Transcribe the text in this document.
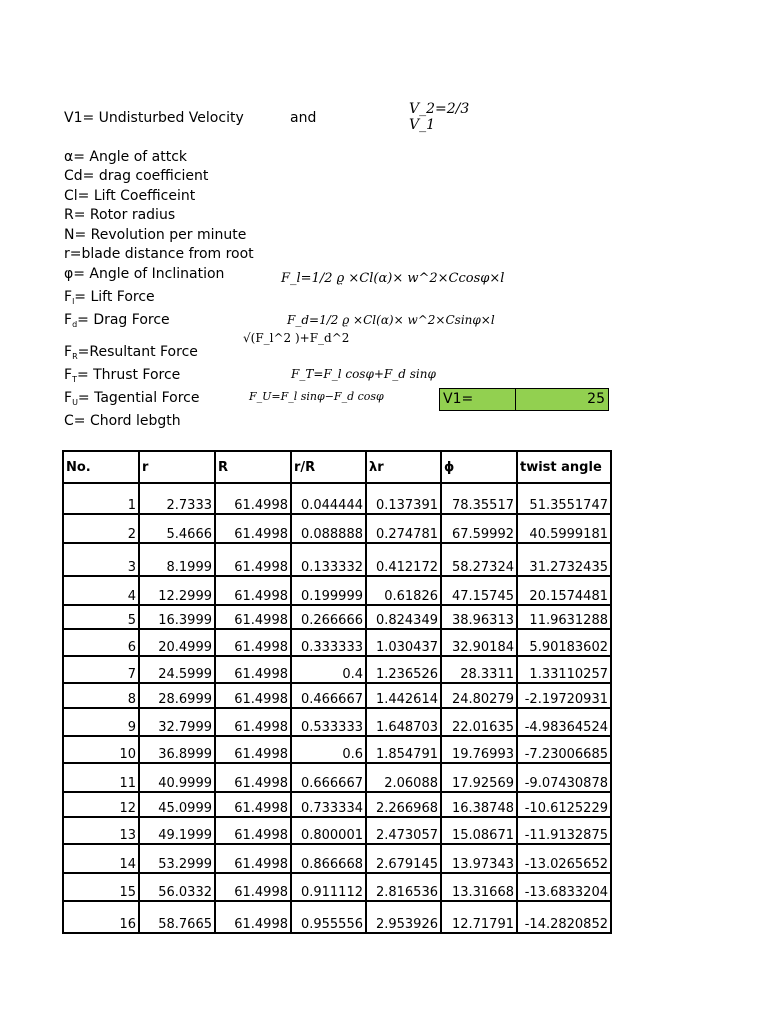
V1= Undisturbed Velocity	and
V_2=2/3
V_1
α= Angle of attck
Cd= drag coefficient
Cl= Lift Coefficeint
R= Rotor radius
N= Revolution per minute
r=blade distance from root
φ= Angle of Inclination
$F_l=$ Lift Force
$F_d=$ Drag Force
$F_R=Resultant$ Force
$F_T=$ Thrust Force
$F_U=$ Tagential Force
C= Chord lebgth
F_l=1/2 ϱ ×Cl(α)× w^2×Ccosφ×l
F_d=1/2 ϱ ×Cl(α)× w^2×Csinφ×l
√(F_l^2 )+F_d^2
F_T=F_l cosφ+F_d sinφ
F_U=F_l sinφ−F_d cosφ	V1=	25
No.	r	R	r/R	λr	ϕ	twist angle
1	2.7333	61.4998	0.044444	0.137391	78.35517	51.3551747
2	5.4666	61.4998	0.088888	0.274781	67.59992	40.5999181
3	8.1999	61.4998	0.133332	0.412172	58.27324	31.2732435
4	12.2999	61.4998	0.199999	0.61826	47.15745	20.1574481
5	16.3999	61.4998	0.266666	0.824349	38.96313	11.9631288
6	20.4999	61.4998	0.333333	1.030437	32.90184	5.90183602
7	24.5999	61.4998	0.4	1.236526	28.3311	1.33110257
8	28.6999	61.4998	0.466667	1.442614	24.80279	-2.19720931
9	32.7999	61.4998	0.533333	1.648703	22.01635	-4.98364524
10	36.8999	61.4998	0.6	1.854791	19.76993	-7.23006685
11	40.9999	61.4998	0.666667	2.06088	17.92569	-9.07430878
12	45.0999	61.4998	0.733334	2.266968	16.38748	-10.6125229
13	49.1999	61.4998	0.800001	2.473057	15.08671	-11.9132875
14	53.2999	61.4998	0.866668	2.679145	13.97343	-13.0265652
15	56.0332	61.4998	0.911112	2.816536	13.31668	-13.6833204
16	58.7665	61.4998	0.955556	2.953926	12.71791	-14.2820852
